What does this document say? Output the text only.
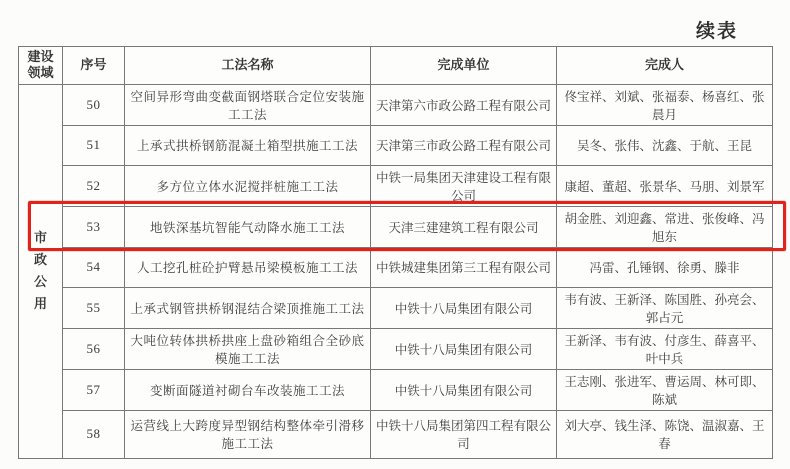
续表
建设领域	序号	工法名称	完成单位	完成人

市
政
公
用	50	空间异形弯曲变截面钢塔联合定位安装施工工法	天津第六市政公路工程有限公司	佟宝祥、刘斌、张福泰、杨喜红、张晨月
	51	上承式拱桥钢筋混凝土箱型拱施工工法	天津第三市政公路工程有限公司	吴冬、张伟、沈鑫、于航、王昆
	52	多方位立体水泥搅拌桩施工工法	中铁一局集团天津建设工程有限公司	康超、董超、张景华、马朋、刘景军
	53	地铁深基坑智能气动降水施工工法	天津三建建筑工程有限公司	胡金胜、刘迎鑫、常进、张俊峰、冯旭东
	54	人工挖孔桩砼护臂悬吊梁模板施工工法	中铁城建集团第三工程有限公司	冯雷、孔锤钢、徐勇、滕非
	55	上承式钢管拱桥钢混结合梁顶推施工工法	中铁十八局集团有限公司	韦有波、王新泽、陈国胜、孙亮会、郭占元
	56	大吨位转体拱桥拱座上盘砂箱组合全砂底模施工工法	中铁十八局集团有限公司	王新泽、韦有波、付彦生、薛喜平、叶中兵
	57	变断面隧道衬砌台车改装施工工法	中铁十八局集团有限公司	王志刚、张进军、曹运周、林可即、陈斌
	58	运营线上大跨度异型钢结构整体牵引滑移施工工法	中铁十八局集团第四工程有限公司	刘大亭、钱生泽、陈饶、温淑嘉、王春
